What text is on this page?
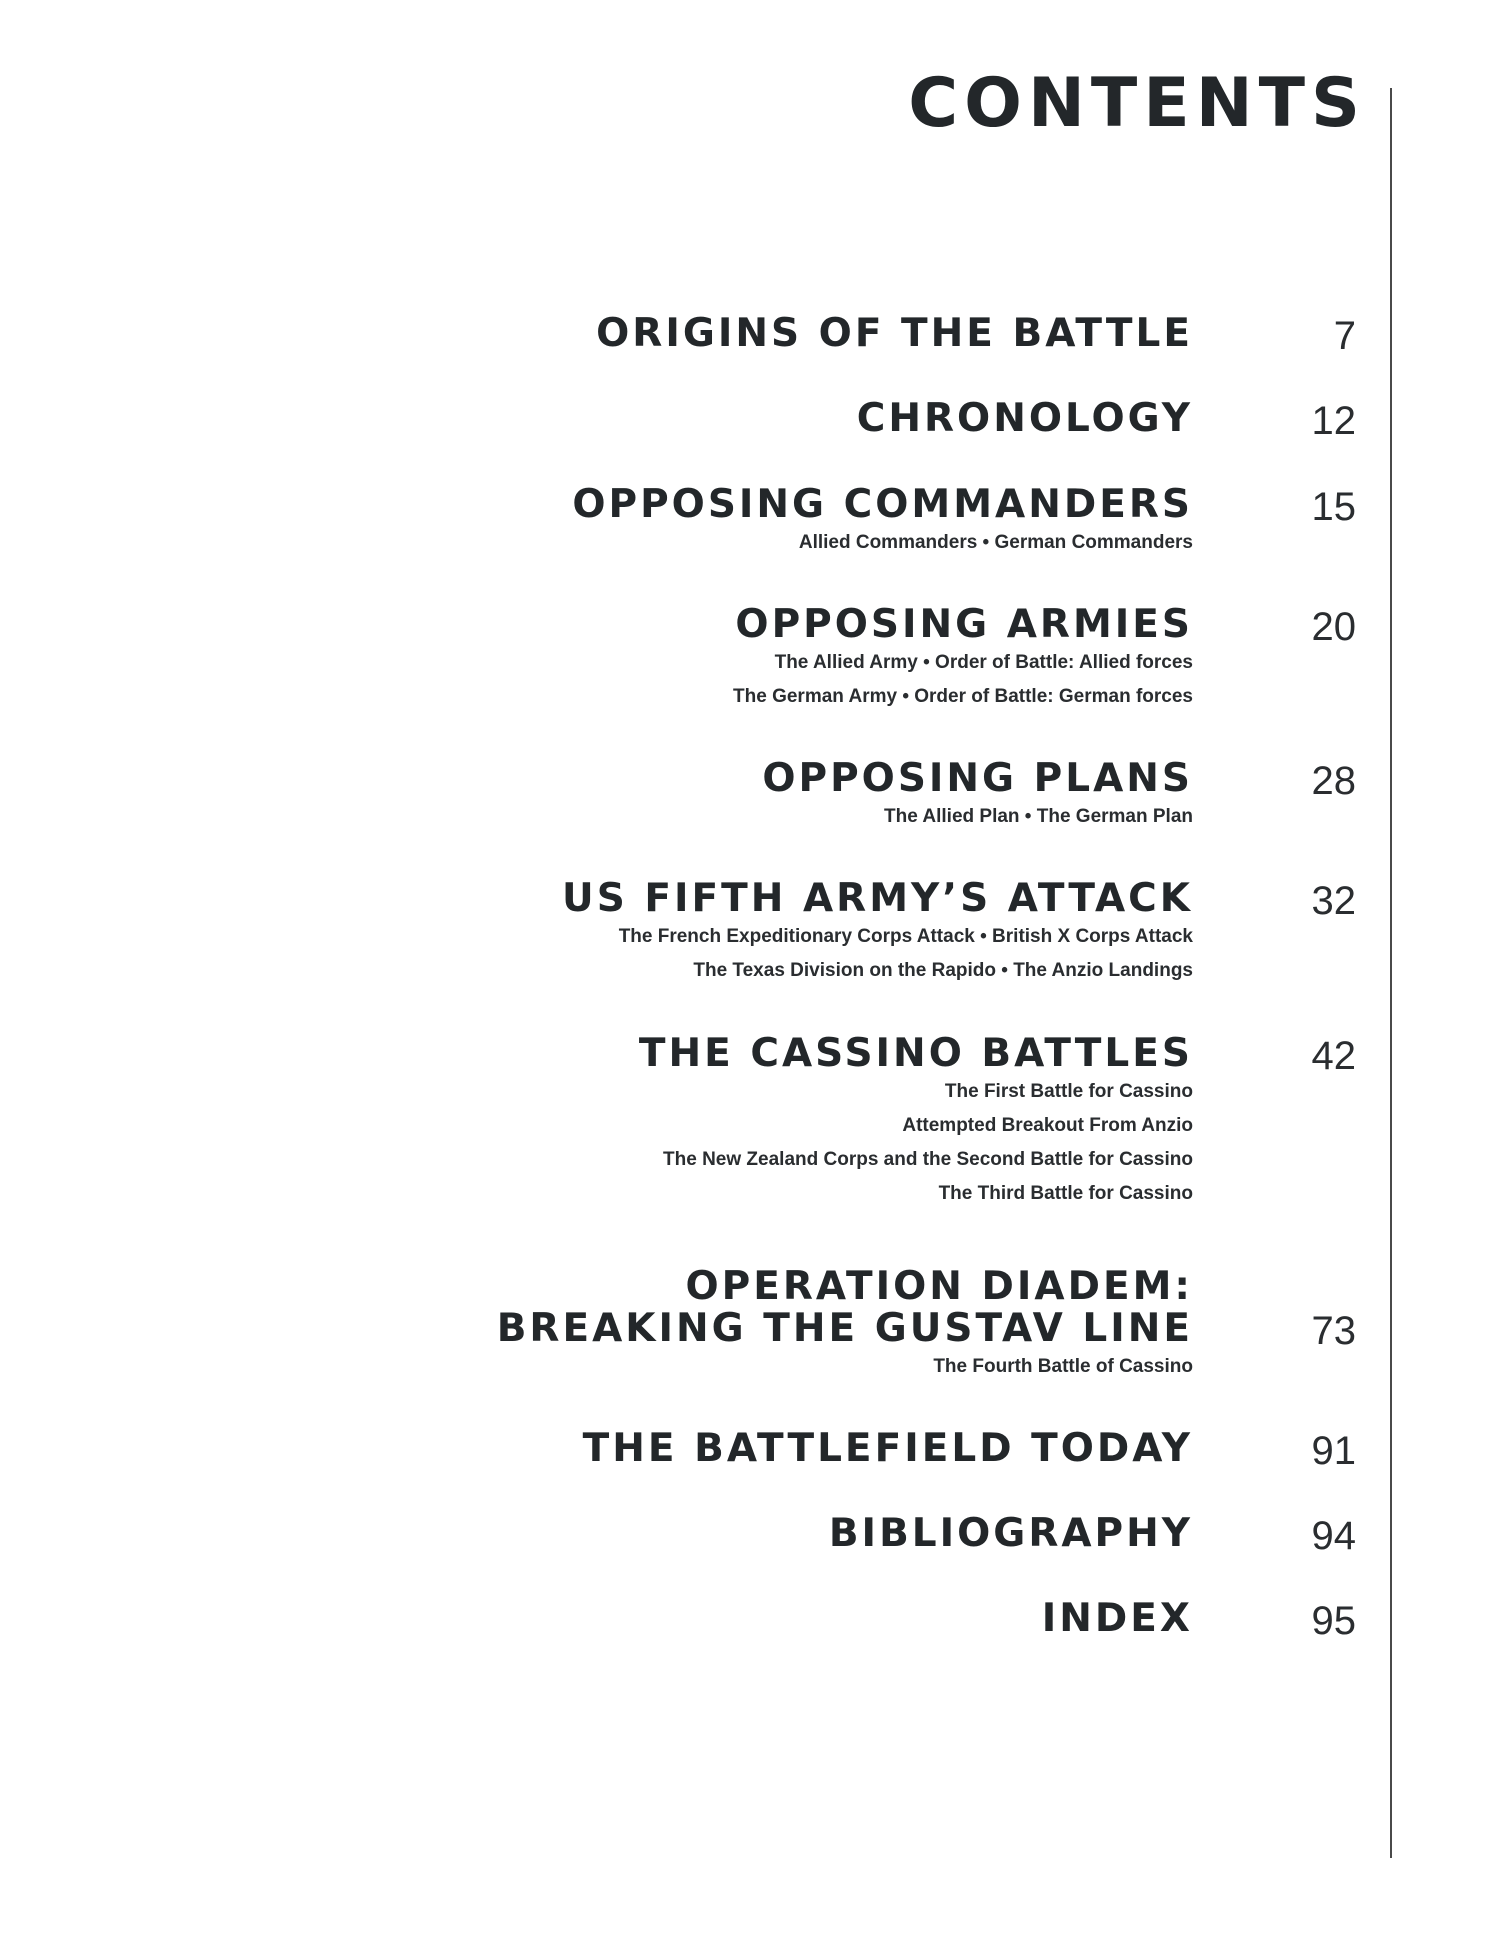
CONTENTS
ORIGINS OF THE BATTLE	7
CHRONOLOGY	12
OPPOSING COMMANDERS	15
Allied Commanders • German Commanders
OPPOSING ARMIES	20
The Allied Army • Order of Battle: Allied forces
The German Army • Order of Battle: German forces
OPPOSING PLANS	28
The Allied Plan • The German Plan
US FIFTH ARMY’S ATTACK	32
The French Expeditionary Corps Attack • British X Corps Attack
The Texas Division on the Rapido • The Anzio Landings
THE CASSINO BATTLES	42
The First Battle for Cassino
Attempted Breakout From Anzio
The New Zealand Corps and the Second Battle for Cassino
The Third Battle for Cassino
OPERATION DIADEM:
BREAKING THE GUSTAV LINE	73
The Fourth Battle of Cassino
THE BATTLEFIELD TODAY	91
BIBLIOGRAPHY	94
INDEX	95
